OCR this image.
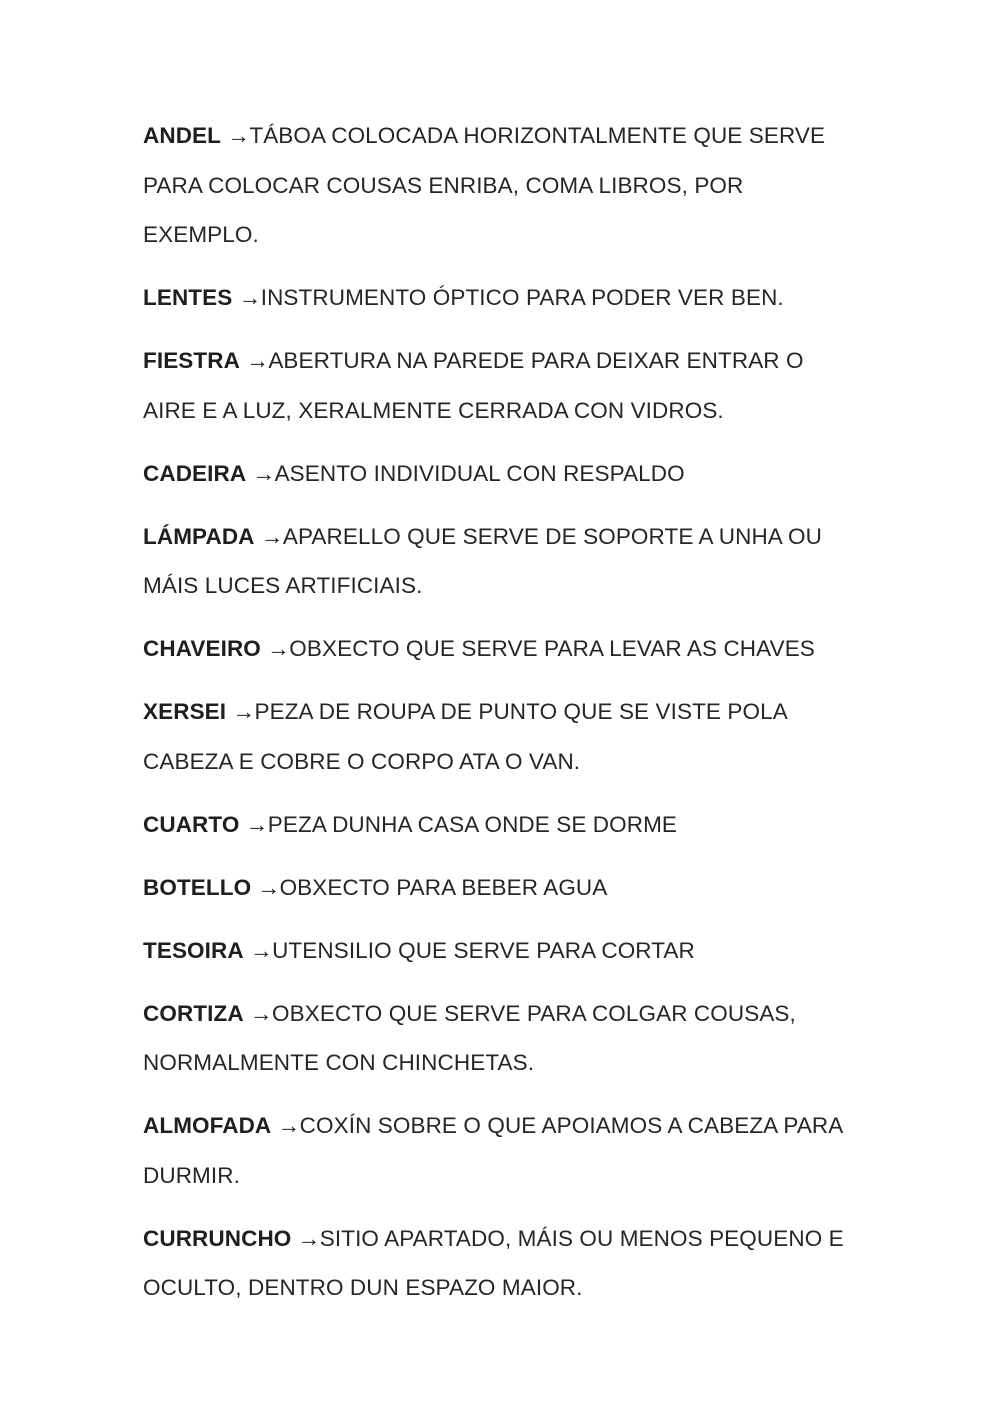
ANDEL →TÁBOA COLOCADA HORIZONTALMENTE QUE SERVE PARA COLOCAR COUSAS ENRIBA, COMA LIBROS, POR EXEMPLO.

LENTES →INSTRUMENTO ÓPTICO PARA PODER VER BEN.

FIESTRA →ABERTURA NA PAREDE PARA DEIXAR ENTRAR O AIRE E A LUZ, XERALMENTE CERRADA CON VIDROS.

CADEIRA →ASENTO INDIVIDUAL CON RESPALDO

LÁMPADA →APARELLO QUE SERVE DE SOPORTE A UNHA OU MÁIS LUCES ARTIFICIAIS.

CHAVEIRO →OBXECTO QUE SERVE PARA LEVAR AS CHAVES

XERSEI →PEZA DE ROUPA DE PUNTO QUE SE VISTE POLA CABEZA E COBRE O CORPO ATA O VAN.

CUARTO →PEZA DUNHA CASA ONDE SE DORME

BOTELLO →OBXECTO PARA BEBER AGUA

TESOIRA →UTENSILIO QUE SERVE PARA CORTAR

CORTIZA →OBXECTO QUE SERVE PARA COLGAR COUSAS, NORMALMENTE CON CHINCHETAS.

ALMOFADA →COXÍN SOBRE O QUE APOIAMOS A CABEZA PARA DURMIR.

CURRUNCHO →SITIO APARTADO, MÁIS OU MENOS PEQUENO E OCULTO, DENTRO DUN ESPAZO MAIOR.
